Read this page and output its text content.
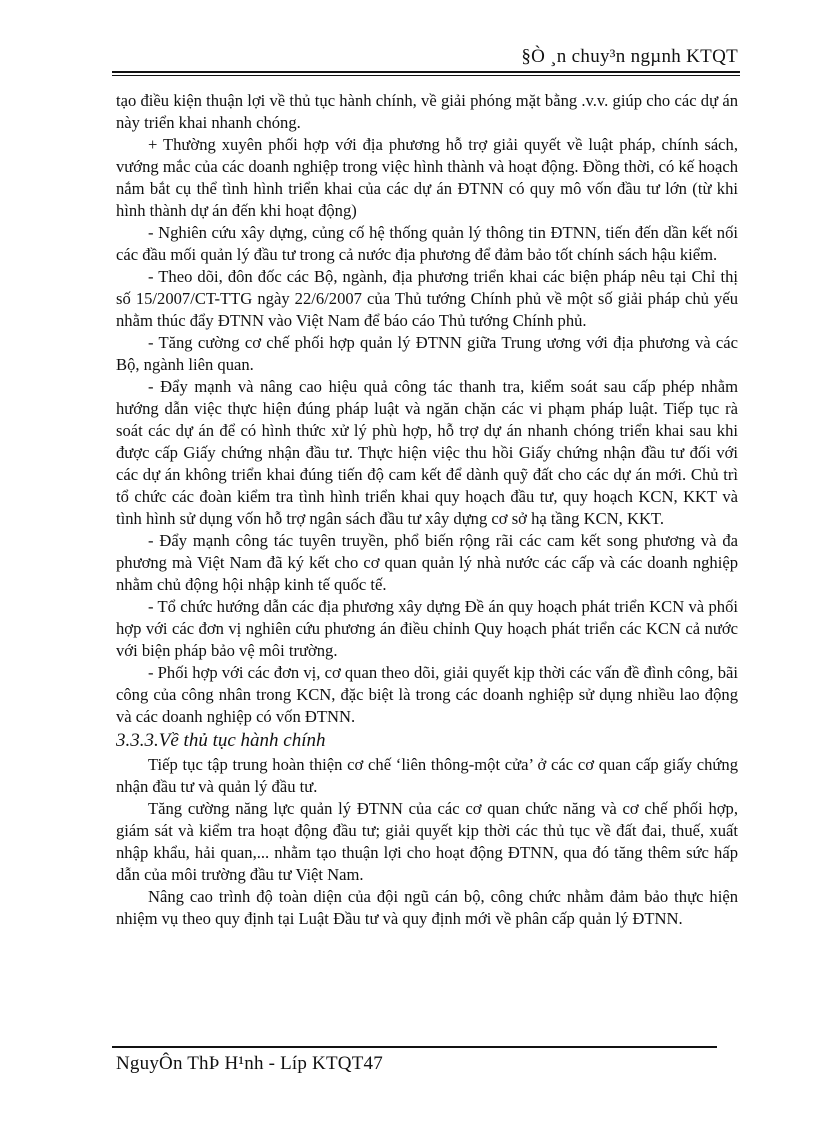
§Ò ¸n chuy³n ngµnh KTQT

tạo điều kiện thuận lợi về thủ tục hành chính, về giải phóng mặt bằng .v.v. giúp cho các dự án này triển khai nhanh chóng.

+ Thường xuyên phối hợp với địa phương hỗ trợ giải quyết về luật pháp, chính sách, vướng mắc của các doanh nghiệp trong việc hình thành và hoạt động. Đồng thời, có kế hoạch nắm bắt cụ thể tình hình triển khai của các dự án ĐTNN có quy mô vốn đầu tư lớn (từ khi hình thành dự án đến khi hoạt động)

- Nghiên cứu xây dựng, củng cố hệ thống quản lý thông tin ĐTNN, tiến đến dần kết nối các đầu mối quản lý đầu tư trong cả nước địa phương để đảm bảo tốt chính sách hậu kiểm.

- Theo dõi, đôn đốc các Bộ, ngành, địa phương triển khai các biện pháp nêu tại Chỉ thị số 15/2007/CT-TTG ngày 22/6/2007 của Thủ tướng Chính phủ về một số giải pháp chủ yếu nhằm thúc đẩy ĐTNN vào Việt Nam để báo cáo Thủ tướng Chính phủ.

- Tăng cường cơ chế phối hợp quản lý ĐTNN giữa Trung ương với địa phương và các Bộ, ngành liên quan.

- Đẩy mạnh và nâng cao hiệu quả công tác thanh tra, kiểm soát sau cấp phép nhằm hướng dẫn việc thực hiện đúng pháp luật và ngăn chặn các vi phạm pháp luật. Tiếp tục rà soát các dự án để có hình thức xử lý phù hợp, hỗ trợ dự án nhanh chóng triển khai sau khi được cấp Giấy chứng nhận đầu tư. Thực hiện việc thu hồi Giấy chứng nhận đầu tư đối với các dự án không triển khai đúng tiến độ cam kết để dành quỹ đất cho các dự án mới. Chủ trì tổ chức các đoàn kiểm tra tình hình triển khai quy hoạch đầu tư, quy hoạch KCN, KKT và tình hình sử dụng vốn hỗ trợ ngân sách đầu tư xây dựng cơ sở hạ tầng KCN, KKT.

- Đẩy mạnh công tác tuyên truyền, phổ biến rộng rãi các cam kết song phương và đa phương mà Việt Nam đã ký kết cho cơ quan quản lý nhà nước các cấp và các doanh nghiệp nhằm chủ động hội nhập kinh tế quốc tế.

- Tổ chức hướng dẫn các địa phương xây dựng Đề án quy hoạch phát triển KCN và phối hợp với các đơn vị nghiên cứu phương án điều chỉnh Quy hoạch phát triển các KCN cả nước với biện pháp bảo vệ môi trường.

- Phối hợp với các đơn vị, cơ quan theo dõi, giải quyết kịp thời các vấn đề đình công, bãi công của công nhân trong KCN, đặc biệt là trong các doanh nghiệp sử dụng nhiều lao động và các doanh nghiệp có vốn ĐTNN.

3.3.3.Về thủ tục hành chính

Tiếp tục tập trung hoàn thiện cơ chế ‘liên thông-một cửa’ ở các cơ quan cấp giấy chứng nhận đầu tư và quản lý đầu tư.

Tăng cường năng lực quản lý ĐTNN của các cơ quan chức năng và cơ chế phối hợp, giám sát và kiểm tra hoạt động đầu tư; giải quyết kịp thời các thủ tục về đất đai, thuế, xuất nhập khẩu, hải quan,... nhằm tạo thuận lợi cho hoạt động ĐTNN, qua đó tăng thêm sức hấp dẫn của môi trường đầu tư Việt Nam.

Nâng cao trình độ toàn diện của đội ngũ cán bộ, công chức nhằm đảm bảo thực hiện nhiệm vụ theo quy định tại Luật Đầu tư và quy định mới về phân cấp quản lý ĐTNN.

NguyÔn ThÞ H¹nh - Líp KTQT47
